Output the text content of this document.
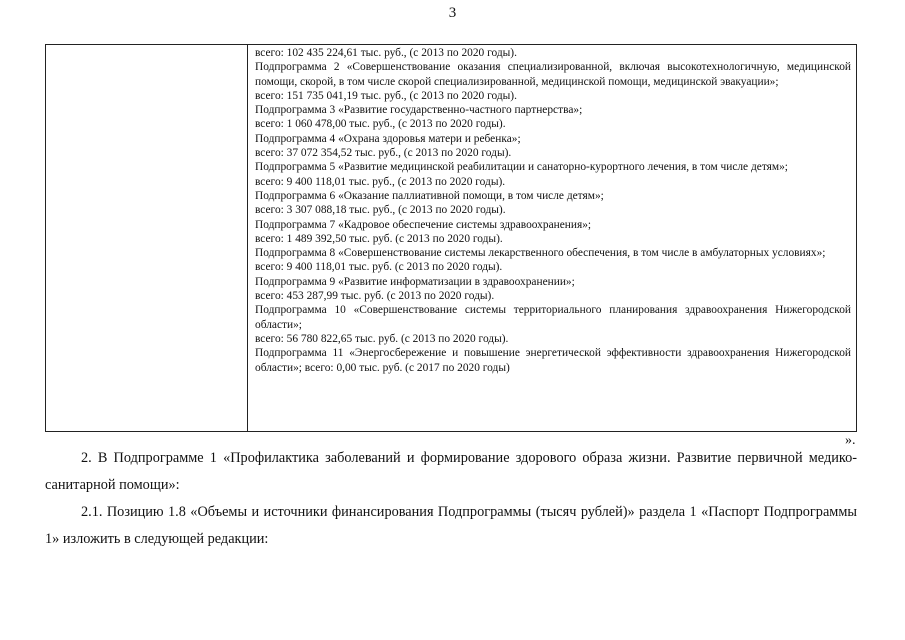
3

всего: 102 435 224,61 тыс. руб., (с 2013 по 2020 годы).

Подпрограмма 2 «Совершенствование оказания специализированной, включая высокотехнологичную, медицинской помощи, скорой, в том числе скорой специализированной, медицинской помощи, медицинской эвакуации»;

всего: 151 735 041,19 тыс. руб., (с 2013 по 2020 годы).

Подпрограмма 3 «Развитие государственно-частного партнерства»;

всего: 1 060 478,00 тыс. руб., (с 2013 по 2020 годы).

Подпрограмма 4 «Охрана здоровья матери и ребенка»;

всего: 37 072 354,52 тыс. руб., (с 2013 по 2020 годы).

Подпрограмма 5 «Развитие медицинской реабилитации и санаторно-курортного лечения, в том числе детям»;

всего: 9 400 118,01 тыс. руб., (с 2013 по 2020 годы).

Подпрограмма 6 «Оказание паллиативной помощи, в том числе детям»;

всего: 3 307 088,18 тыс. руб., (с 2013 по 2020 годы).

Подпрограмма 7 «Кадровое обеспечение системы здравоохранения»;

всего: 1 489 392,50 тыс. руб. (с 2013 по 2020 годы).

Подпрограмма 8 «Совершенствование системы лекарственного обеспечения, в том числе в амбулаторных условиях»;

всего: 9 400 118,01 тыс. руб. (с 2013 по 2020 годы).

Подпрограмма 9 «Развитие информатизации в здравоохранении»;

всего: 453 287,99 тыс. руб. (с 2013 по 2020 годы).

Подпрограмма 10 «Совершенствование системы территориального планирования здравоохранения Нижегородской области»;

всего: 56 780 822,65 тыс. руб. (с 2013 по 2020 годы).

Подпрограмма 11 «Энергосбережение и повышение энергетической эффективности здравоохранения Нижегородской области»; всего: 0,00 тыс. руб. (с 2017 по 2020 годы)

».

2. В Подпрограмме 1 «Профилактика заболеваний и формирование здорового образа жизни. Развитие первичной медико-санитарной помощи»:

2.1. Позицию 1.8 «Объемы и источники финансирования Подпрограммы (тысяч рублей)» раздела 1 «Паспорт Подпрограммы 1» изложить в следующей редакции:
